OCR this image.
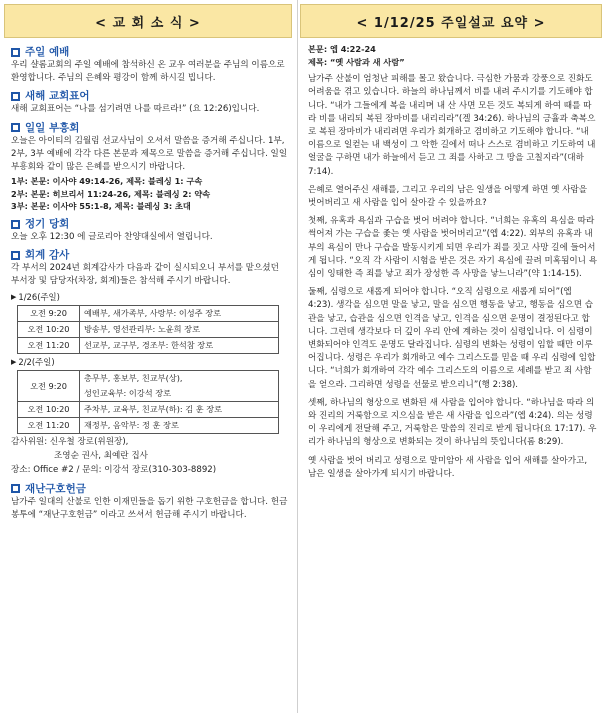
< 교 회 소 식 >
주일 예배
우리 샬롬교회의 주일 예배에 참석하신 온 교우 여러분을 주님의 이름으로 환영합니다. 주님의 은혜와 평강이 함께 하시길 빕니다.
새해 교회표어
새해 교회표어는 “나를 섬기려면 나를 따르라!” (요 12:26)입니다.
일일 부흥회
오늘은 아이티의 김월림 선교사님이 오셔서 말씀을 증거해 주십니다. 1부, 2부, 3부 예배에 각각 다른 본문과 제목으로 말씀을 증거해 주십니다. 일일 부흥회와 같이 많은 은혜를 받으시기 바랍니다.
1부: 본문: 이사야 49:14-26, 제목: 블레싱 1: 구속
2부: 본문: 히브리서 11:24-26, 제목: 블레싱 2: 약속
3부: 본문: 이사야 55:1-8, 제목: 블레싱 3: 초대
정기 당회
오늘 오후 12:30 에 글로리아 찬양대실에서 열립니다.
회계 감사
각 부서의 2024년 회계감사가 다음과 같이 실시되오니 부서를 맡으셨던 부서장 및 담당자(차장, 회계)들은 참석해 주시기 바랍니다.
▶ 1/26(주일)
오전 9:20	예배부, 새가족부, 사랑부: 이성주 장로
오전 10:20	방송부, 영선관리부: 노윤희 장로
오전 11:20	선교부, 교구부, 경조부: 한석참 장로
▶ 2/2(주일)
오전 9:20	총무부, 홍보부, 친교부(상),
	성인교육부: 이강석 장로
오전 10:20	주차부, 교육부, 친교부(하): 김 훈 장로
오전 11:20	재정부, 음악부: 정 훈 장로
감사위원: 신우철 장로(위원장),
조영순 권사, 최예란 집사
장소: Office #2 / 문의: 이강석 장로(310-303-8892)
재난구호헌금
남가주 일대의 산불로 인한 이재민들을 돕기 위한 구호헌금을 합니다. 헌금봉투에 “재난구호헌금” 이라고 쓰셔서 헌금해 주시기 바랍니다.
< 1/12/25 주일설교 요약 >
본문: 엡 4:22-24
제목: “옛 사람과 새 사람”
남가주 산불이 엄청난 피해를 몰고 왔습니다. 극심한 가뭄과 강풍으로 진화도 어려움을 겪고 있습니다. 하늘의 하나님께서 비를 내려 주시기를 기도해야 합니다. “내가 그들에게 복을 내리며 내 산 사면 모든 것도 복되게 하여 때를 따라 비를 내리되 복된 장마비를 내리리라”(겔 34:26). 하나님의 긍휼과 축복으로 복된 장마비가 내리려면 우리가 회개하고 겸비하고 기도해야 합니다. “내 이름으로 일컫는 내 백성이 그 악한 길에서 떠나 스스로 겸비하고 기도하여 내 얼굴을 구하면 내가 하늘에서 듣고 그 죄를 사하고 그 땅을 고칠지라”(대하 7:14).
은혜로 열어주신 새해를, 그리고 우리의 남은 일생을 어떻게 하면 옛 사람을 벗어버리고 새 사람을 입어 살아갈 수 있을까요?
첫째, 유혹과 욕심과 구습을 벗어 버려야 합니다. “너희는 유혹의 욕심을 따라 썩어져 가는 구습을 좇는 옛 사람을 벗어버리고”(엡 4:22). 외부의 유혹과 내부의 욕심이 만나 구습을 발동시키게 되면 우리가 죄를 짓고 사망 길에 들어서게 됩니다. “오직 각 사람이 시험을 받은 것은 자기 욕심에 끌려 미혹됨이니 욕심이 잉태한 즉 죄를 낳고 죄가 장성한 즉 사망을 낳느니라”(약 1:14-15).
둘째, 심령으로 새롭게 되어야 합니다. “오직 심령으로 새롭게 되어”(엡 4:23). 생각을 심으면 말을 낳고, 말을 심으면 행동을 낳고, 행동을 심으면 습관을 낳고, 습관을 심으면 인격을 낳고, 인격을 심으면 운명이 결정된다고 합니다. 그런데 생각보다 더 깊이 우리 안에 계하는 것이 심령입니다. 이 심령이 변화되어야 인격도 운명도 달라집니다. 심령의 변화는 성령이 임할 때만 이루어집니다. 성령은 우리가 회개하고 예수 그리스도를 믿을 때 우리 심령에 임합니다. “너희가 회개하여 각각 예수 그리스도의 이름으로 세례를 받고 죄 사함을 얻으라. 그리하면 성령을 선물로 받으리니”(행 2:38).
셋째, 하나님의 형상으로 변화된 새 사람을 입어야 합니다. “하나님을 따라 의와 진리의 거룩함으로 지으심을 받은 새 사람을 입으라”(엡 4:24). 의는 성령이 우리에게 전달해 주고, 거룩함은 말씀의 진리로 받게 됩니다(요 17:17). 우리가 하나님의 형상으로 변화되는 것이 하나님의 뜻입니다(롬 8:29).
옛 사람을 벗어 버리고 성령으로 말미암아 새 사람을 입어 새해를 살아가고, 남은 일생을 살아가게 되시기 바랍니다.
